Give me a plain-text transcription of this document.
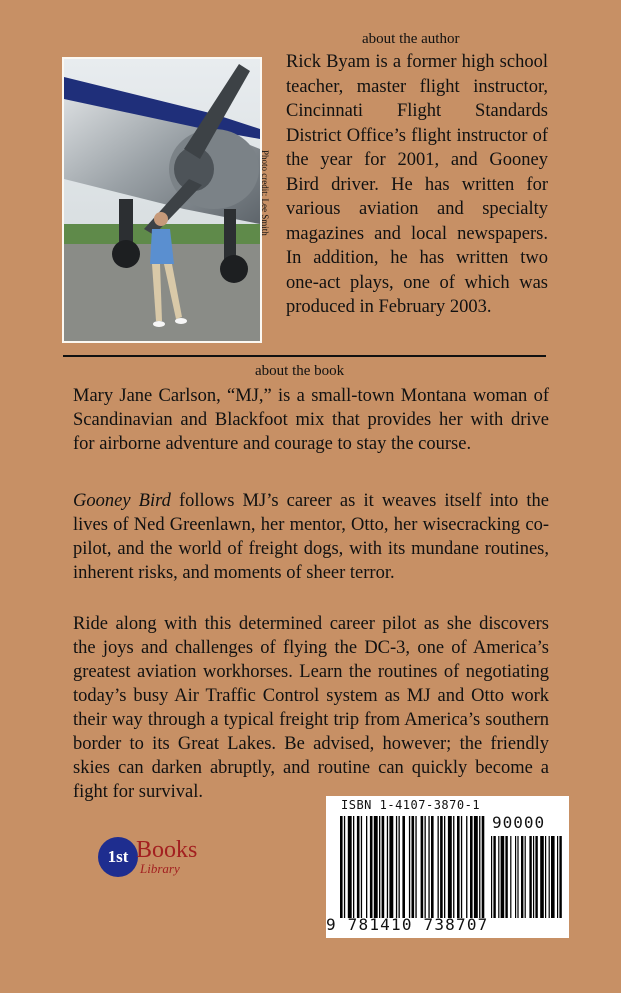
about the author
Photo credit: Lee Smith
Rick Byam is a former high school teacher, master flight instructor, Cincinnati Flight Standards District Office’s flight instructor of the year for 2001, and Gooney Bird driver. He has written for various aviation and specialty magazines and local newspapers. In addition, he has written two one-act plays, one of which was produced in February 2003.
about the book

Mary Jane Carlson, “MJ,” is a small-town Montana woman of Scandinavian and Blackfoot mix that provides her with drive for airborne adventure and courage to stay the course.

Gooney Bird follows MJ’s career as it weaves itself into the lives of Ned Greenlawn, her mentor, Otto, her wisecracking co-pilot, and the world of freight dogs, with its mundane routines, inherent risks, and moments of sheer terror.

Ride along with this determined career pilot as she discovers the joys and challenges of flying the DC-3, one of America’s greatest aviation workhorses. Learn the routines of negotiating today’s busy Air Traffic Control system as MJ and Otto work their way through a typical freight trip from America’s southern border to its Great Lakes. Be advised, however; the friendly skies can darken abruptly, and routine can quickly become a fight for survival.

1st Books
Library
ISBN 1-4107-3870-1
90000
9 781410 738707
